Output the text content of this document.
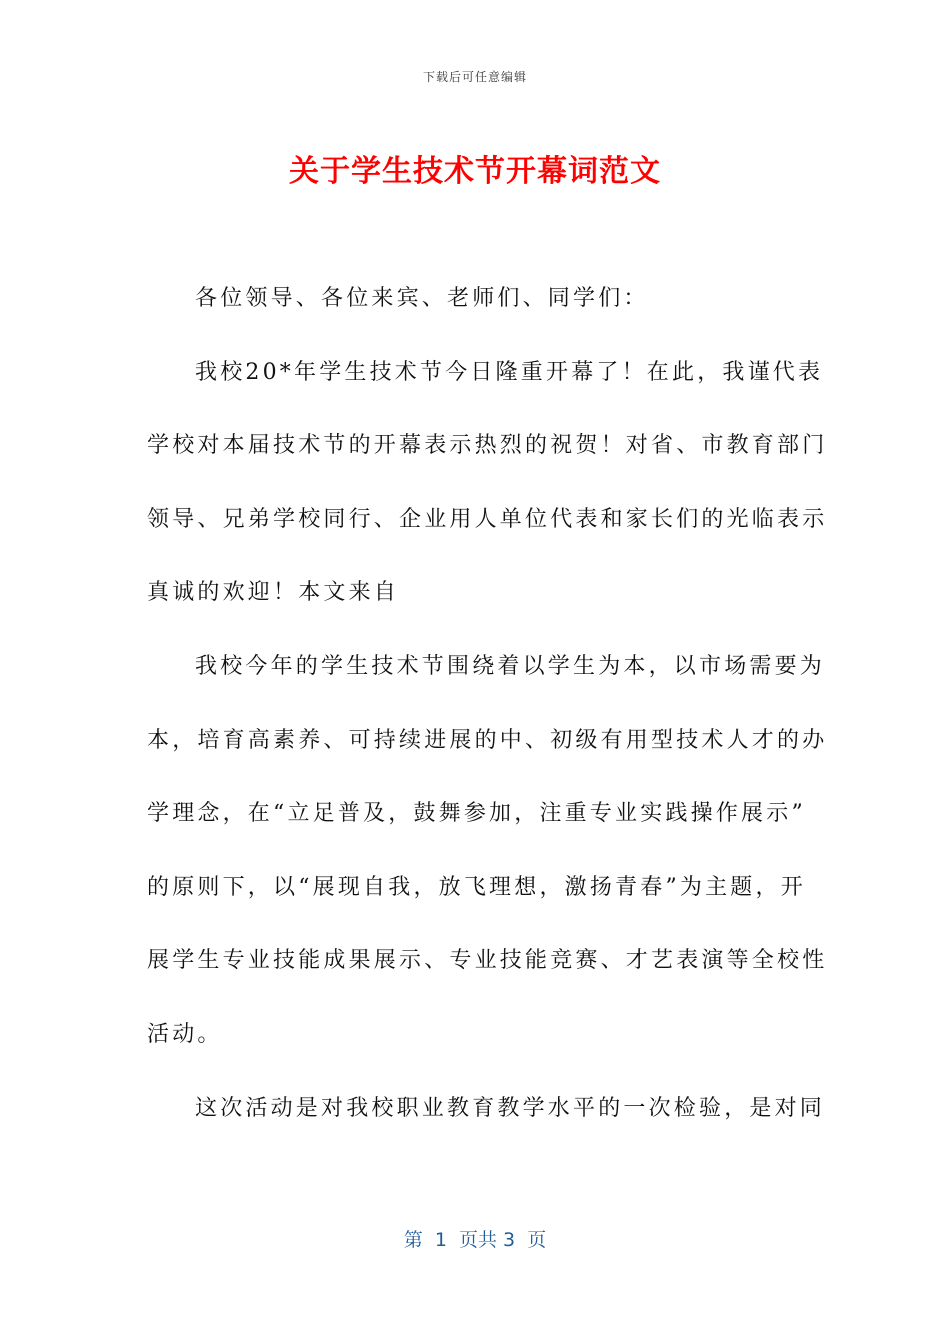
下载后可任意编辑
关于学生技术节开幕词范文

各位领导、各位来宾、老师们、同学们：

我校20*年学生技术节今日隆重开幕了！在此，我谨代表
学校对本届技术节的开幕表示热烈的祝贺！对省、市教育部门
领导、兄弟学校同行、企业用人单位代表和家长们的光临表示
真诚的欢迎！本文来自

我校今年的学生技术节围绕着以学生为本，以市场需要为
本，培育高素养、可持续进展的中、初级有用型技术人才的办
学理念，在“立足普及，鼓舞参加，注重专业实践操作展示”
的原则下，以“展现自我，放飞理想，激扬青春”为主题，开
展学生专业技能成果展示、专业技能竞赛、才艺表演等全校性
活动。

这次活动是对我校职业教育教学水平的一次检验，是对同

第  1  页共 3  页
